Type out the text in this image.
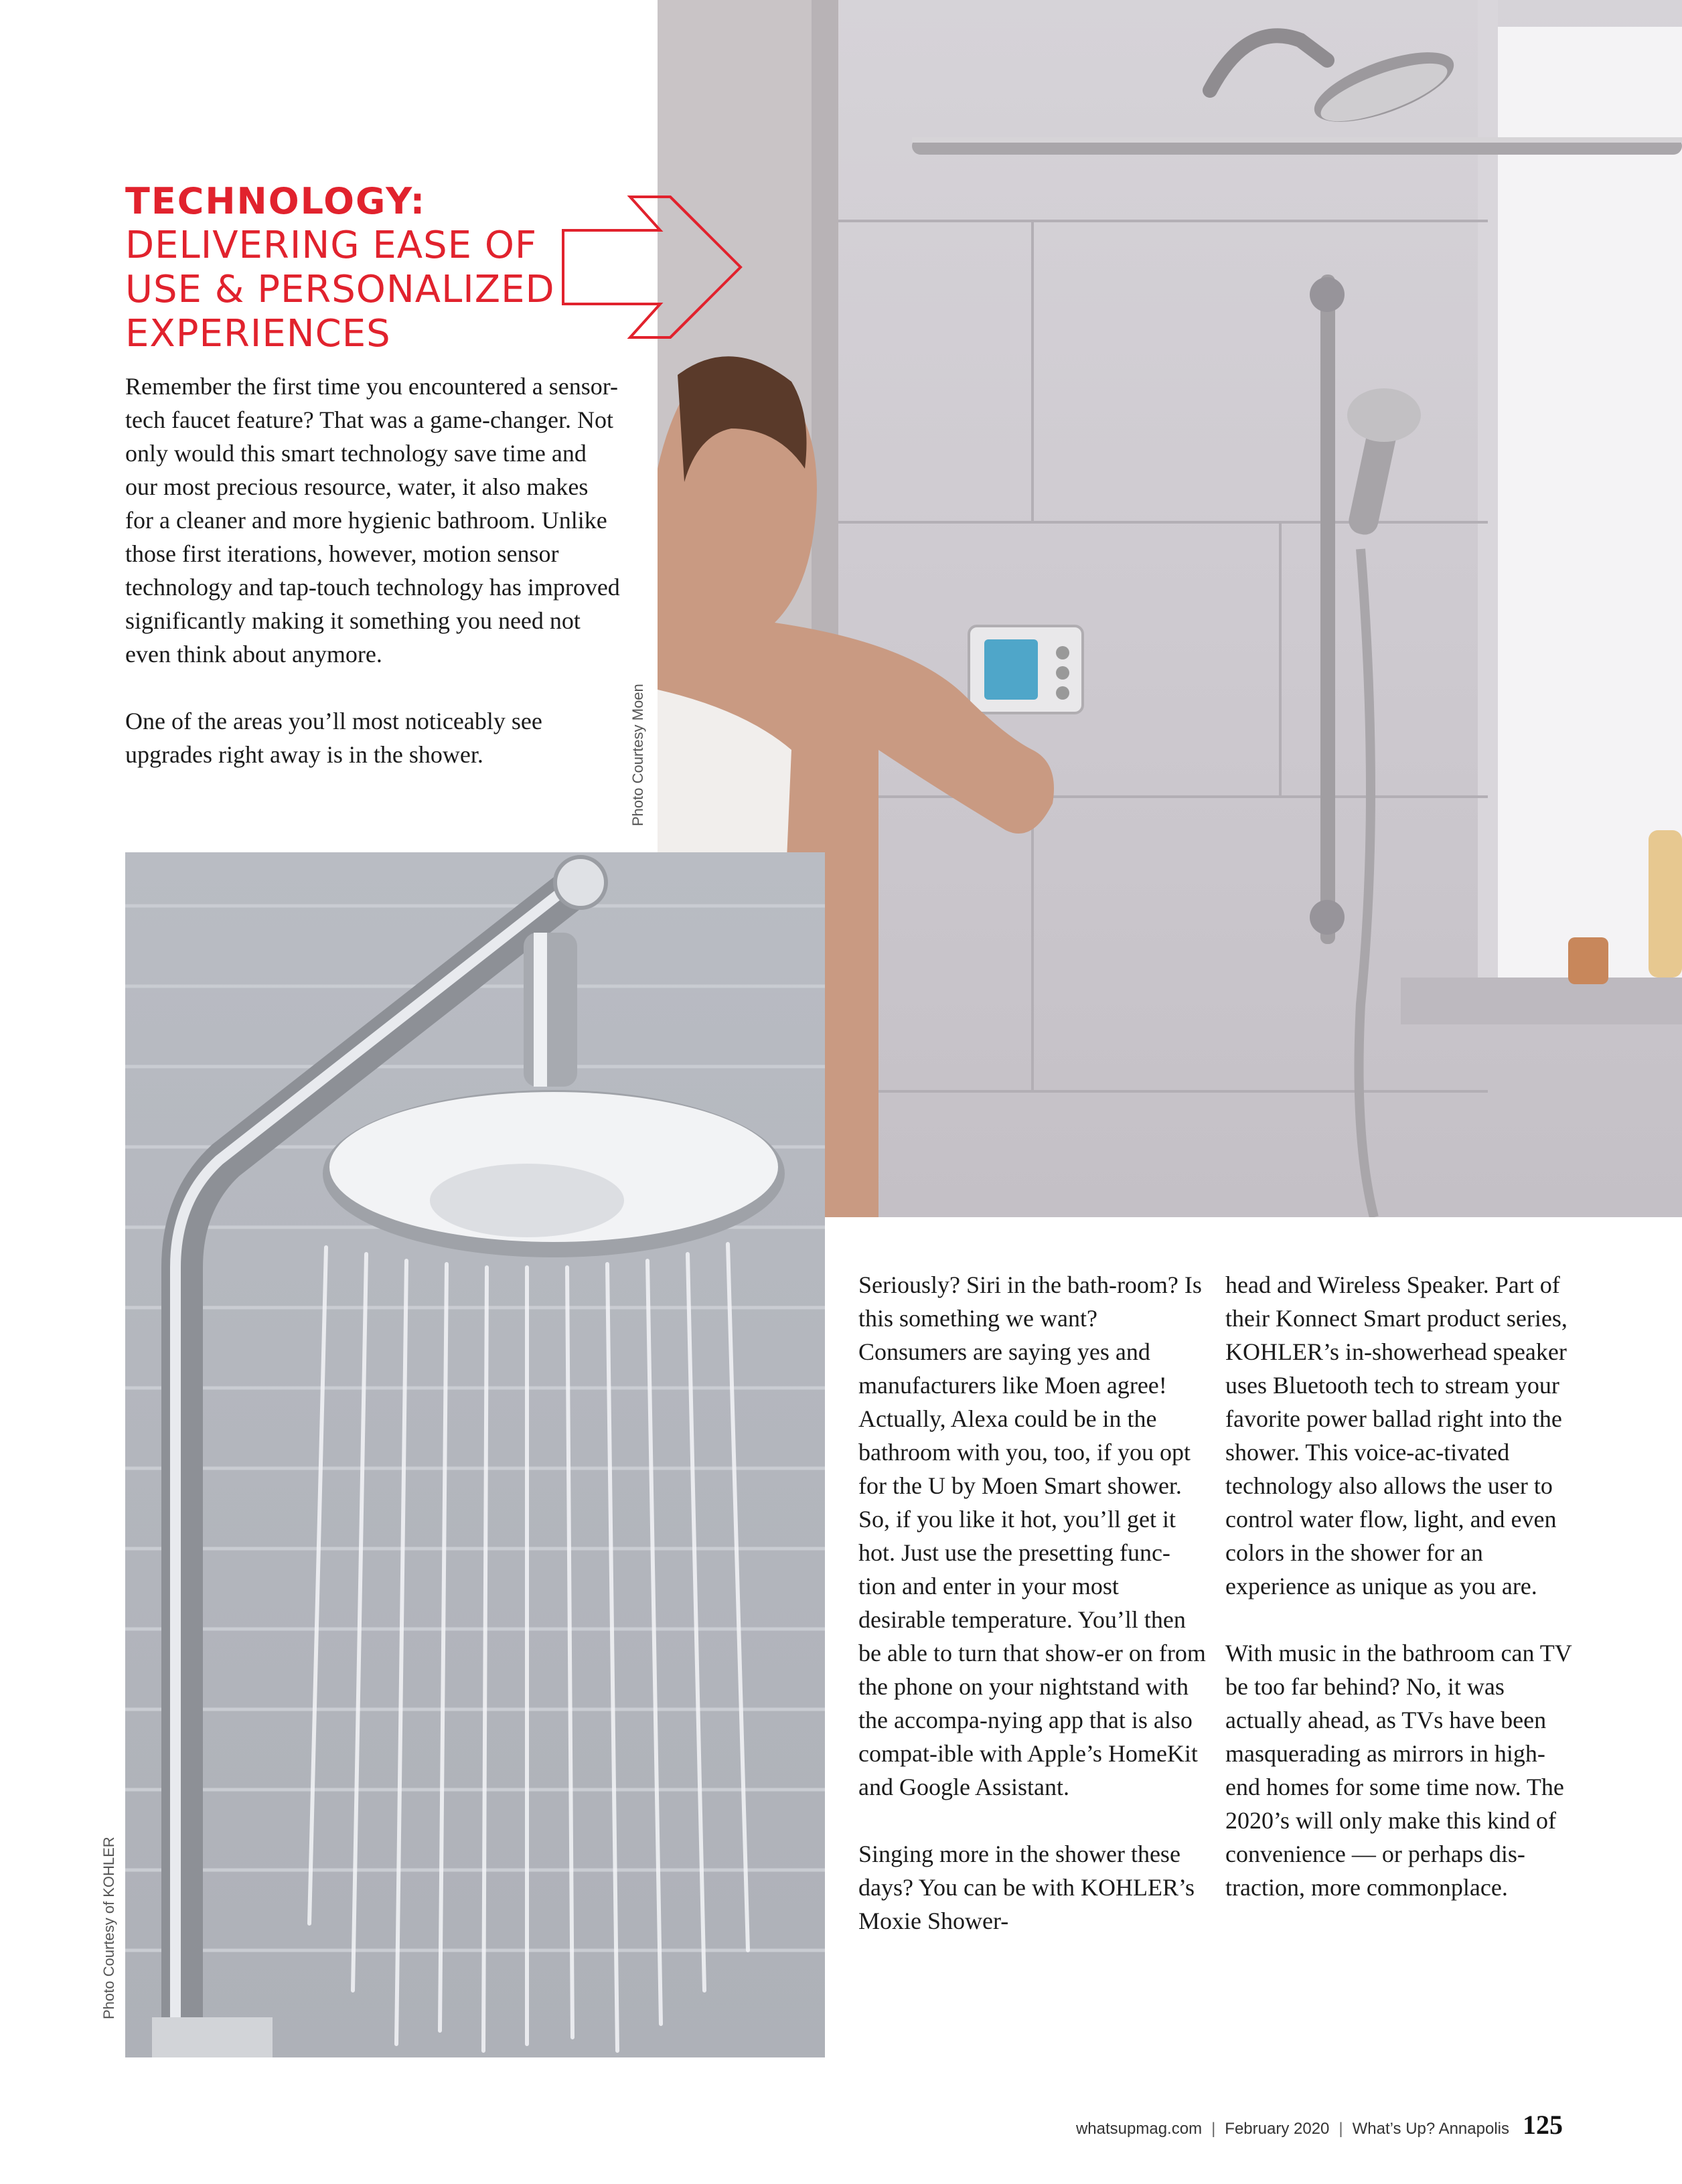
TECHNOLOGY:
DELIVERING EASE OF
USE & PERSONALIZED
EXPERIENCES

Remember the first time you encountered a sensor-tech faucet feature? That was a game-changer. Not only would this smart technology save time and our most precious resource, water, it also makes for a cleaner and more hygienic bathroom. Unlike those first iterations, however, motion sensor technology and tap-touch technology has improved significantly making it something you need not even think about anymore.

One of the areas you’ll most noticeably see upgrades right away is in the shower.

Seriously? Siri in the bath-room? Is this something we want? Consumers are saying yes and manufacturers like Moen agree! Actually, Alexa could be in the bathroom with you, too, if you opt for the U by Moen Smart shower. So, if you like it hot, you’ll get it hot. Just use the presetting func-tion and enter in your most desirable temperature. You’ll then be able to turn that show-er on from the phone on your nightstand with the accompa-nying app that is also compat-ible with Apple’s HomeKit and Google Assistant.

Singing more in the shower these days? You can be with KOHLER’s Moxie Shower-

head and Wireless Speaker. Part of their Konnect Smart product series, KOHLER’s in-showerhead speaker uses Bluetooth tech to stream your favorite power ballad right into the shower. This voice-ac-tivated technology also allows the user to control water flow, light, and even colors in the shower for an experience as unique as you are.

With music in the bathroom can TV be too far behind? No, it was actually ahead, as TVs have been masquerading as mirrors in high-end homes for some time now. The 2020’s will only make this kind of convenience — or perhaps dis-traction, more commonplace.

Photo Courtesy Moen
Photo Courtesy of KOHLER
whatsupmag.com | February 2020 | What’s Up? Annapolis 125
